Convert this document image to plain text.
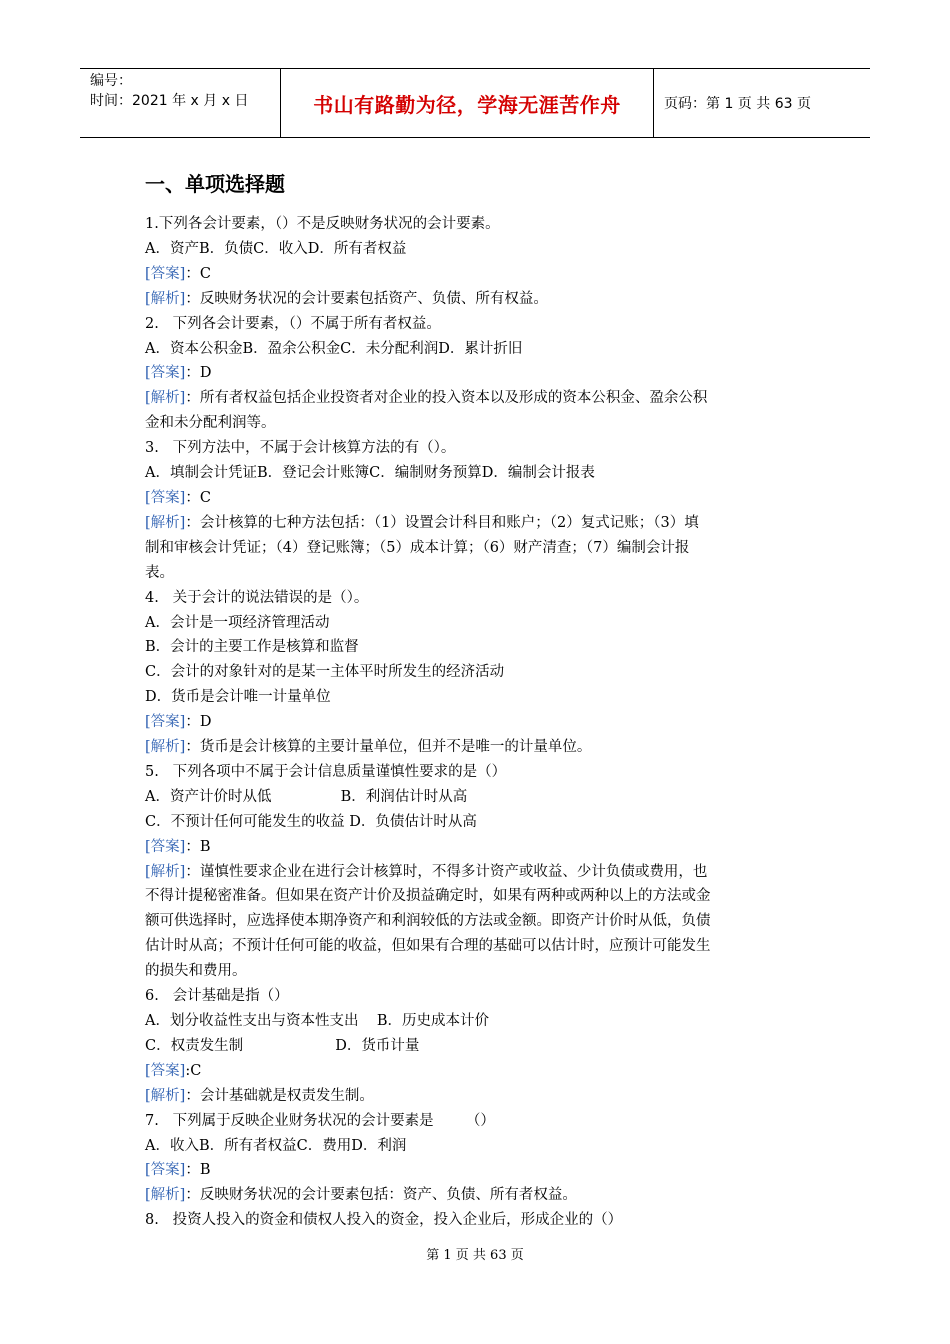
编号：
时间：2021 年 x 月 x 日	书山有路勤为径，学海无涯苦作舟	页码：第 1 页 共 63 页
一、单项选择题

1.下列各会计要素，（）不是反映财务状况的会计要素。

A．资产B．负债C．收入D．所有者权益

[答案]：C

[解析]：反映财务状况的会计要素包括资产、负债、所有权益。

2.   下列各会计要素，（）不属于所有者权益。

A．资本公积金B．盈余公积金C．未分配利润D．累计折旧

[答案]：D

[解析]：所有者权益包括企业投资者对企业的投入资本以及形成的资本公积金、盈余公积

金和未分配利润等。

3.   下列方法中，不属于会计核算方法的有（）。

A．填制会计凭证B．登记会计账簿C．编制财务预算D．编制会计报表

[答案]：C

[解析]：会计核算的七种方法包括：（1）设置会计科目和账户；（2）复式记账；（3）填

制和审核会计凭证；（4）登记账簿；（5）成本计算；（6）财产清查；（7）编制会计报

表。

4.   关于会计的说法错误的是（）。

A．会计是一项经济管理活动

B．会计的主要工作是核算和监督

C．会计的对象针对的是某一主体平时所发生的经济活动

D．货币是会计唯一计量单位

[答案]：D

[解析]：货币是会计核算的主要计量单位，但并不是唯一的计量单位。

5.   下列各项中不属于会计信息质量谨慎性要求的是（）

A．资产计价时从低               B．利润估计时从高

C．不预计任何可能发生的收益 D．负债估计时从高

[答案]：B

[解析]：谨慎性要求企业在进行会计核算时，不得多计资产或收益、少计负债或费用，也

不得计提秘密准备。但如果在资产计价及损益确定时，如果有两种或两种以上的方法或金

额可供选择时，应选择使本期净资产和利润较低的方法或金额。即资产计价时从低，负债

估计时从高；不预计任何可能的收益，但如果有合理的基础可以估计时，应预计可能发生

的损失和费用。

6.   会计基础是指（）

A．划分收益性支出与资本性支出    B．历史成本计价

C．权责发生制                    D．货币计量

[答案]:C

[解析]：会计基础就是权责发生制。

7.   下列属于反映企业财务状况的会计要素是       （）

A．收入B．所有者权益C．费用D．利润

[答案]：B

[解析]：反映财务状况的会计要素包括：资产、负债、所有者权益。

8.   投资人投入的资金和债权人投入的资金，投入企业后，形成企业的（）

第 1 页 共 63 页
